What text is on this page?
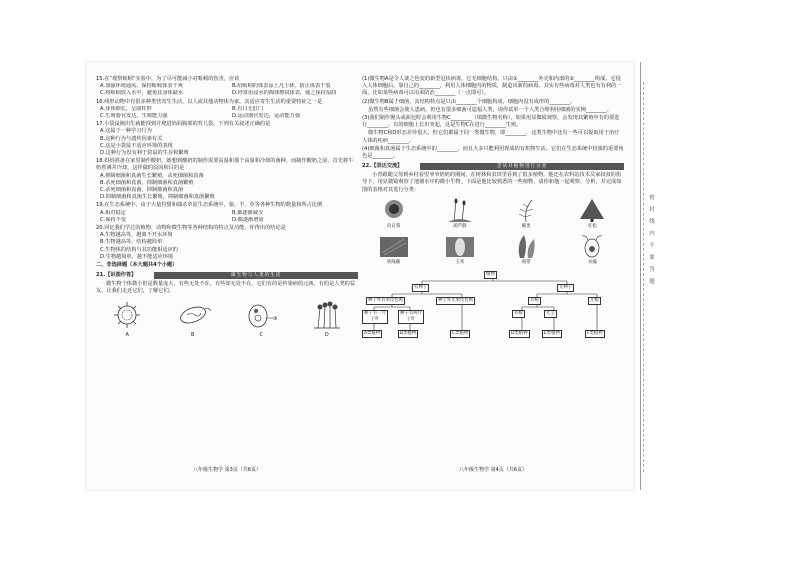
15.在“观察蚯蚓”实验中，为了尽可能减小对蚯蚓的伤害，应该
A.加强环境通风，保持蚯蚓体表干爽	B.给蚯蚓的体表涂上凡士林，防止体表干裂
C.将蚯蚓放入水中，避免其身体缺水	D.经常用浸水的棉球擦拭体表，使之保持湿润
16.线形动物中有很多种类营寄生生活，以人或其他动物体为家。其适应寄生生活的重要特征之一是
A.身体细长，呈圆柱形	B.有口无肛门
C.生殖器官发达，生殖能力强	D.运动器官发达，运动能力强
17.小袋鼠刚出生就能找到并爬进妈妈腹部的育儿袋。下列有关叙述正确的是
A.这属于一种学习行为
B.这种行为与遗传因素有关
C.这是小袋鼠不适应环境的表现
D.这种行为没有利于袋鼠的生存和繁殖
18.妈妈准备在家里制作酸奶，她想到酸奶的制作需要高温和那个高温和冷却的菌种，而制作酸奶之前，首先将牛奶煮沸并冷却，这样做的原因和目的是
A.抑制细菌和真菌生长繁殖，杀死细菌和真菌
B.杀死细菌和真菌，抑制细菌和真菌繁殖
C.杀死细菌和真菌，抑制细菌和真菌
D.抑制细菌和真菌生长繁殖，抑制细菌和真菌繁殖
19.在生态系统中，由于大量狩猎和捕杀草原生态系统中，狼、羊、草等各种生物的数量和所占比例
A.相对稳定	B.都逐渐减少
C.保持不变	D.都逐渐增加
20.回忆我们学过的植物、动物和微生物等各种结构的特点及功能，你得出的结论是
A.生物越高等，越离不开水环境
B.生物越高等，结构越简单
C.生物体的结构与其功能相适应的
D.生物越简单，越不能适应环境
二、非选择题（本大题共4个小题）
21.【识图作答】	微生物与人类的生活
微生物个体微小但是数量庞大，有些无处不在，有些却无处不在。它们有的是传染病的元凶，有的是人类的益友。让我们走近它们，了解它们。
A	B
③
C	D
八年级生物学 第3页（共6页）
(1)微生物A是令人谈之色变的新型冠状病毒，它无细胞结构，只由①________外壳和内部的②________组成。它侵入人体细胞后，靠自己的________，利用人体细胞内的物质，制造出新的病毒。其实有些病毒对人类也有有利的一面，比如某些病毒可以用来防治________（一点即可）。
(2)微生物B属于细菌，其结构特点是只由________个细胞构成，细胞内没有成形的________。
虽然有些细菌会使人患病，但也有很多细菌可造福人类，请你试举一个人类合理利用细菌的实例________。
(3)我们制作馒头或面包时会利用生物C________（填微生物名称），如果用显微镜观察，会发现其繁殖中有的要进行________，有的细胞上长出突起，这是生物C在进行________生殖。
微生物C和D形态差异很大，但它们都属于同一类微生物，即________，这类生物中还有一些可以提取用于治疗人体的疾病________。
(4)细菌和真菌属于生态系统中的________，而且大多只能利用现成的有机物生活。它们在生态系统中扮演的重要角色是________。
22.【表达交流】	尝试对植物进行分类
小青跟随父母到乡村看望爷爷奶奶的期间，在树林和农田里看到了很多植物。他还在农科站技术员家叔叔的指导下，用显微镜观察了池塘水中的微小生物。下面是他比较熟悉的一些植物，请你和他一起观察、分析，并完成如图的表格对其进行分类：
向日葵	葫芦藓	蕨类	红松
铁线蕨	玉米	海带	衣藻
植物
有种子	无种子
种子外有果皮包被	种子外无果皮包被	有根	无根
种子有一片子叶
种子有两片子叶
有根	无茎
A类植物	B类植物	C类植物	D类植物	E类植物	F类植物
八年级生物学 第4页（共6页）
密封线内不要答题
